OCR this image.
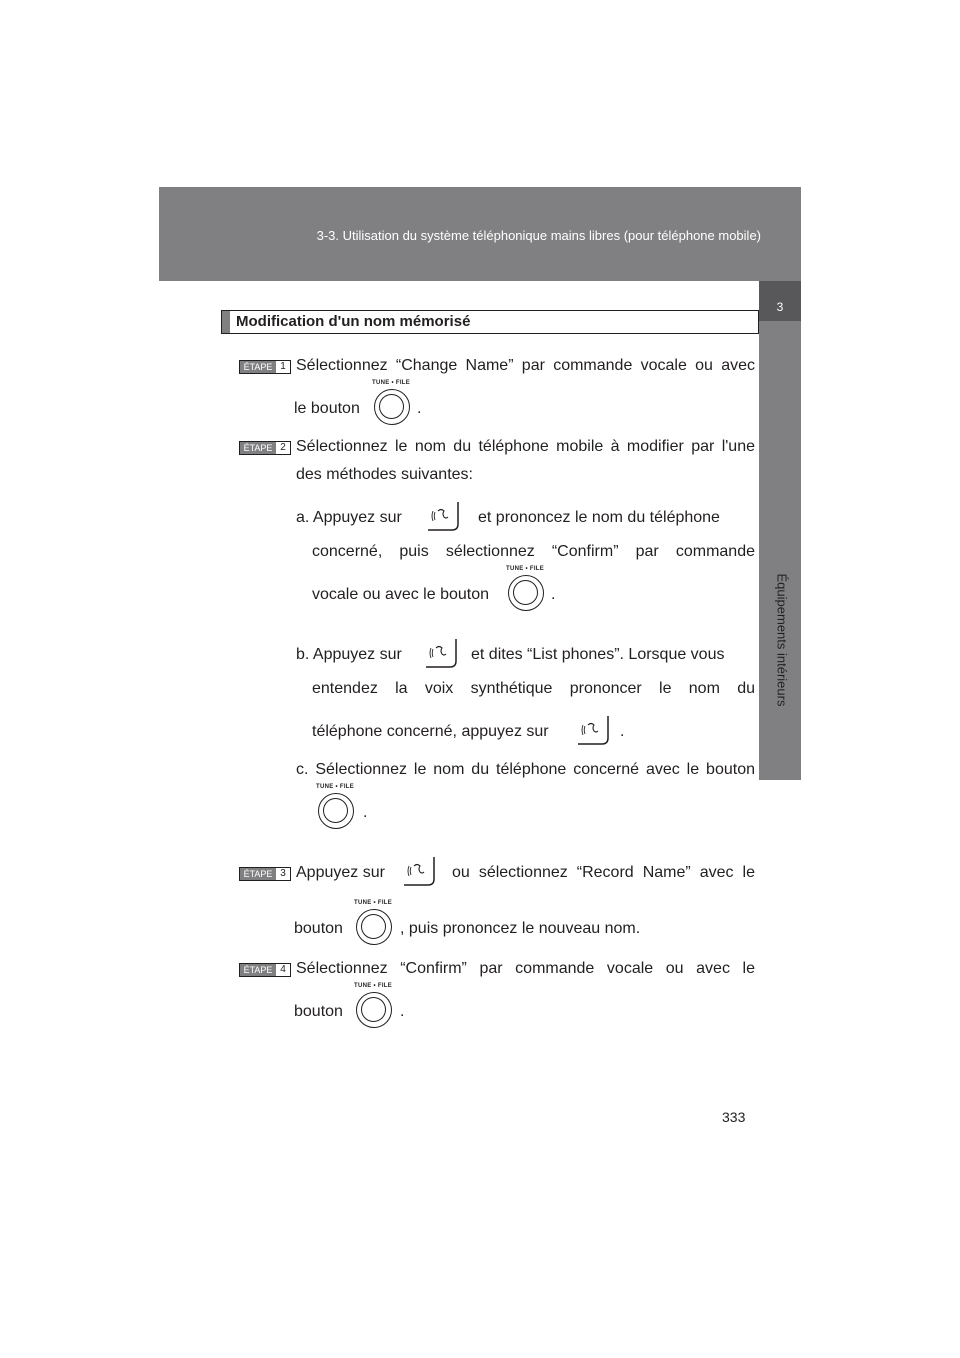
3-3. Utilisation du système téléphonique mains libres (pour téléphone mobile)
3
Équipements intérieurs
Modification d'un nom mémorisé
ÉTAPE 1 Sélectionnez “Change Name” par commande vocale ou avec
le bouton
TUNE • FILE
.
ÉTAPE 2 Sélectionnez le nom du téléphone mobile à modifier par l'une
des méthodes suivantes:
a. Appuyez sur	et prononcez le nom du téléphone
concerné, puis sélectionnez “Confirm” par commande
vocale ou avec le bouton
TUNE • FILE
.
b. Appuyez sur	et dites “List phones”. Lorsque vous
entendez la voix synthétique prononcer le nom du
téléphone concerné, appuyez sur	.
c. Sélectionnez le nom du téléphone concerné avec le bouton
TUNE • FILE
.
ÉTAPE 3 Appuyez sur	ou sélectionnez “Record Name” avec le
bouton
TUNE • FILE
, puis prononcez le nouveau nom.
ÉTAPE 4 Sélectionnez “Confirm” par commande vocale ou avec le
bouton
TUNE • FILE
.
333
